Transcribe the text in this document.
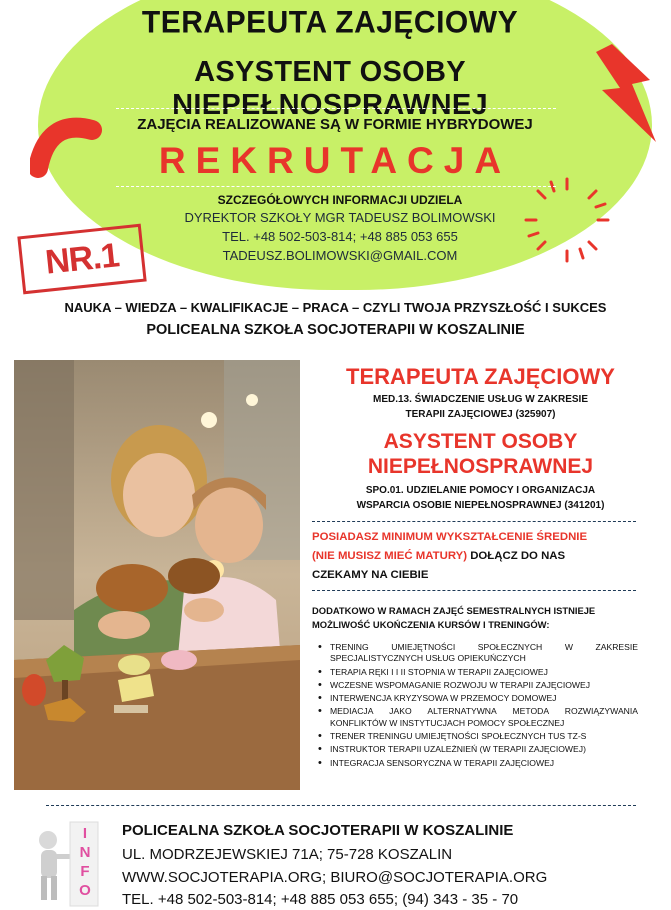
TERAPEUTA ZAJĘCIOWY
ASYSTENT OSOBY NIEPEŁNOSPRAWNEJ
ZAJĘCIA REALIZOWANE SĄ W FORMIE HYBRYDOWEJ
REKRUTACJA
SZCZEGÓŁOWYCH INFORMACJI UDZIELA
DYREKTOR SZKOŁY MGR TADEUSZ BOLIMOWSKI
TEL. +48 502-503-814; +48 885 053 655
TADEUSZ.BOLIMOWSKI@GMAIL.COM
NR.1
NAUKA – WIEDZA – KWALIFIKACJE – PRACA – CZYLI TWOJA PRZYSZŁOŚĆ I SUKCES
POLICEALNA SZKOŁA SOCJOTERAPII W KOSZALINIE
TERAPEUTA ZAJĘCIOWY
MED.13. ŚWIADCZENIE USŁUG W ZAKRESIE
TERAPII ZAJĘCIOWEJ (325907)
ASYSTENT OSOBY
NIEPEŁNOSPRAWNEJ
SPO.01. UDZIELANIE POMOCY I ORGANIZACJA
WSPARCIA OSOBIE NIEPEŁNOSPRAWNEJ (341201)
POSIADASZ MINIMUM WYKSZTAŁCENIE ŚREDNIE
(NIE MUSISZ MIEĆ MATURY) DOŁĄCZ DO NAS
CZEKAMY NA CIEBIE
DODATKOWO W RAMACH ZAJĘĆ SEMESTRALNYCH ISTNIEJE
MOŻLIWOŚĆ UKOŃCZENIA KURSÓW I TRENINGÓW:
• TRENING UMIEJĘTNOŚCI SPOŁECZNYCH W ZAKRESIE SPECJALISTYCZNYCH USŁUG OPIEKUŃCZYCH
• TERAPIA RĘKI I I II STOPNIA W TERAPII ZAJĘCIOWEJ
• WCZESNE WSPOMAGANIE ROZWOJU W TERAPII ZAJĘCIOWEJ
• INTERWENCJA KRYZYSOWA W PRZEMOCY DOMOWEJ
• MEDIACJA JAKO ALTERNATYWNA METODA ROZWIĄZYWANIA KONFLIKTÓW W INSTYTUCJACH POMOCY SPOŁECZNEJ
• TRENER TRENINGU UMIEJĘTNOŚCI SPOŁECZNYCH TUS TZ-S
• INSTRUKTOR TERAPII UZALEŻNIEŃ (W TERAPII ZAJĘCIOWEJ)
• INTEGRACJA SENSORYCZNA W TERAPII ZAJĘCIOWEJ
I
N
F
O
POLICEALNA SZKOŁA SOCJOTERAPII W KOSZALINIE
UL. MODRZEJEWSKIEJ 71A; 75-728 KOSZALIN
WWW.SOCJOTERAPIA.ORG; BIURO@SOCJOTERAPIA.ORG
TEL. +48 502-503-814; +48 885 053 655; (94) 343 - 35 - 70
